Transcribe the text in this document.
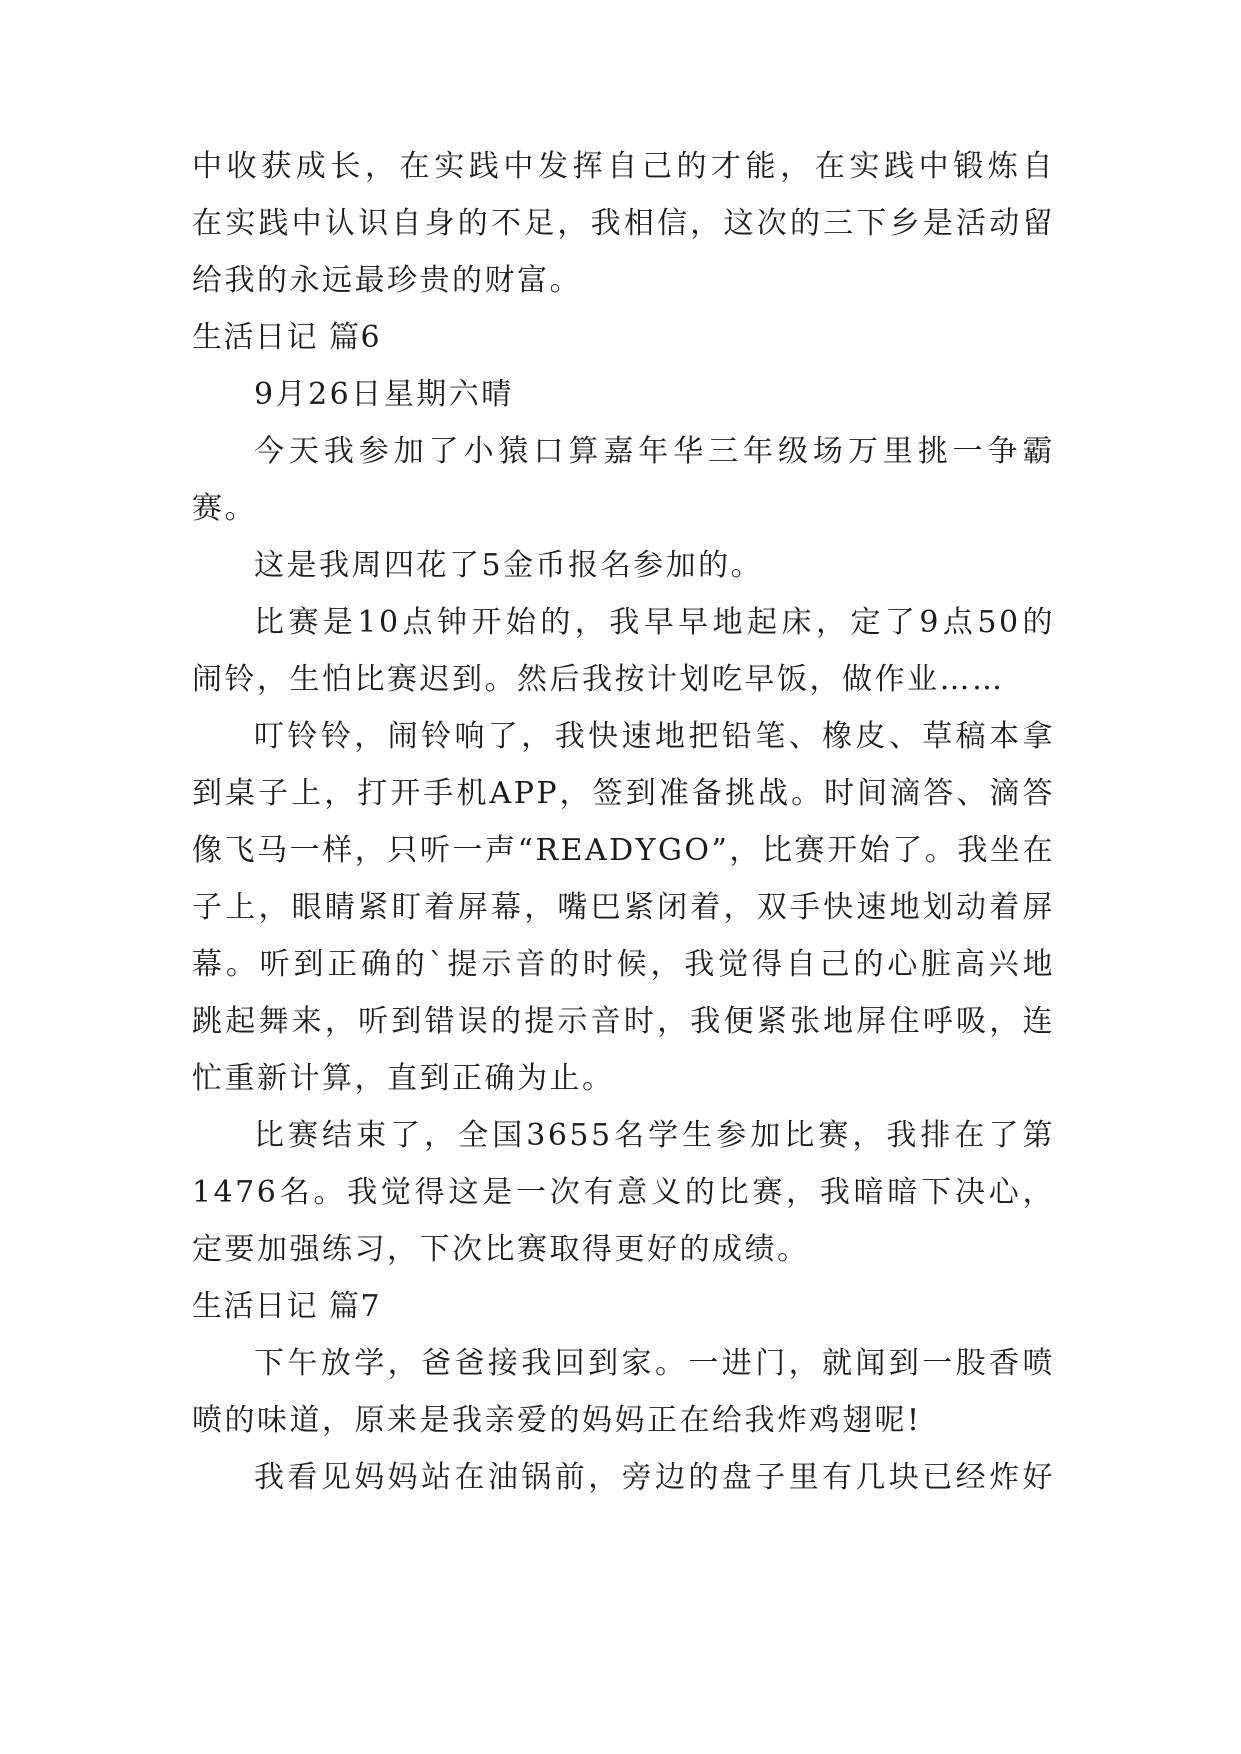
中收获成长，在实践中发挥自己的才能，在实践中锻炼自
在实践中认识自身的不足，我相信，这次的三下乡是活动留
给我的永远最珍贵的财富。
生活日记 篇6
9月26日星期六晴
今天我参加了小猿口算嘉年华三年级场万里挑一争霸
赛。
这是我周四花了5金币报名参加的。
比赛是10点钟开始的，我早早地起床，定了9点50的
闹铃，生怕比赛迟到。然后我按计划吃早饭，做作业……
叮铃铃，闹铃响了，我快速地把铅笔、橡皮、草稿本拿
到桌子上，打开手机APP，签到准备挑战。时间滴答、滴答
像飞马一样，只听一声“READYGO”，比赛开始了。我坐在
子上，眼睛紧盯着屏幕，嘴巴紧闭着，双手快速地划动着屏
幕。听到正确的`提示音的时候，我觉得自己的心脏高兴地
跳起舞来，听到错误的提示音时，我便紧张地屏住呼吸，连
忙重新计算，直到正确为止。
比赛结束了，全国3655名学生参加比赛，我排在了第
1476名。我觉得这是一次有意义的比赛，我暗暗下决心，
定要加强练习，下次比赛取得更好的成绩。
生活日记 篇7
下午放学，爸爸接我回到家。一进门，就闻到一股香喷
喷的味道，原来是我亲爱的妈妈正在给我炸鸡翅呢!
我看见妈妈站在油锅前，旁边的盘子里有几块已经炸好
